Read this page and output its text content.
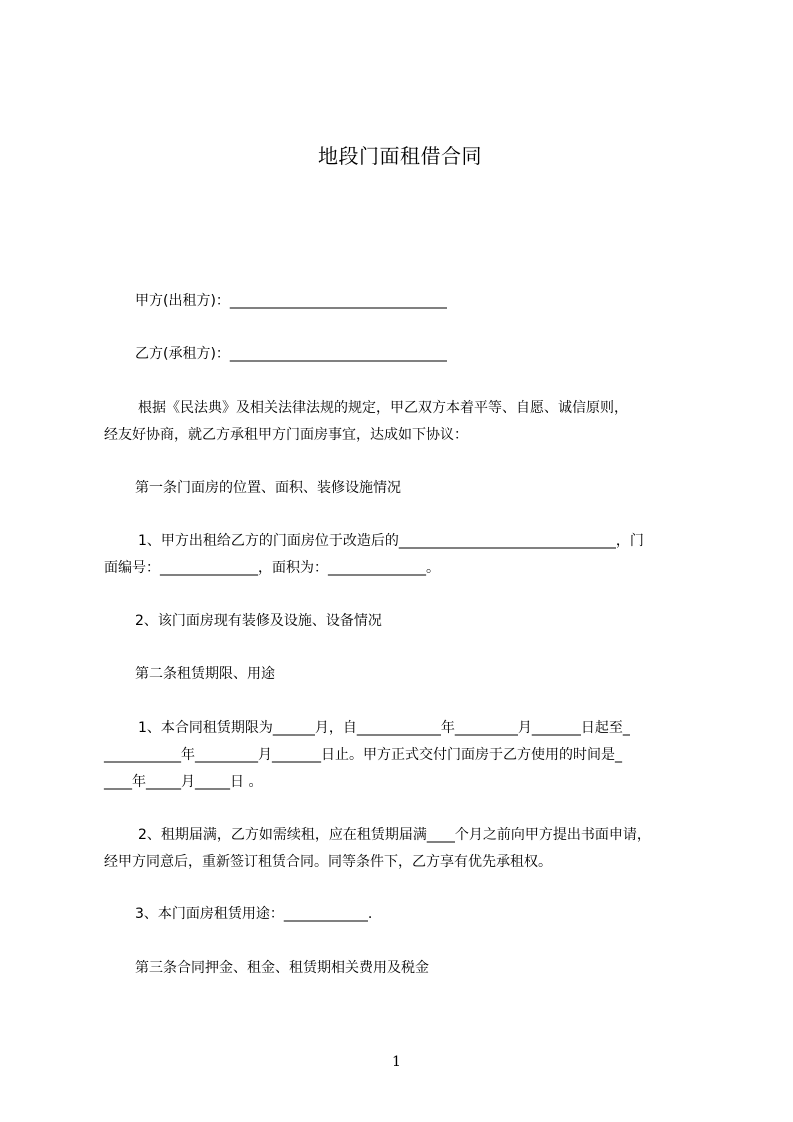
地段门面租借合同
甲方(出租方)：_______________________________
乙方(承租方)：_______________________________
根据《民法典》及相关法律法规的规定，甲乙双方本着平等、自愿、诚信原则，
经友好协商，就乙方承租甲方门面房事宜，达成如下协议：
第一条门面房的位置、面积、装修设施情况
1、甲方出租给乙方的门面房位于改造后的_______________________________，门
面编号：______________，面积为：______________。
2、该门面房现有装修及设施、设备情况
第二条租赁期限、用途
1、本合同租赁期限为______月，自____________年_________月_______日起至_
___________年_________月_______日止。甲方正式交付门面房于乙方使用的时间是_
____年_____月_____日 。
2、租期届满，乙方如需续租，应在租赁期届满____个月之前向甲方提出书面申请，
经甲方同意后，重新签订租赁合同。同等条件下，乙方享有优先承租权。
3、本门面房租赁用途：____________.
第三条合同押金、租金、租赁期相关费用及税金
1
